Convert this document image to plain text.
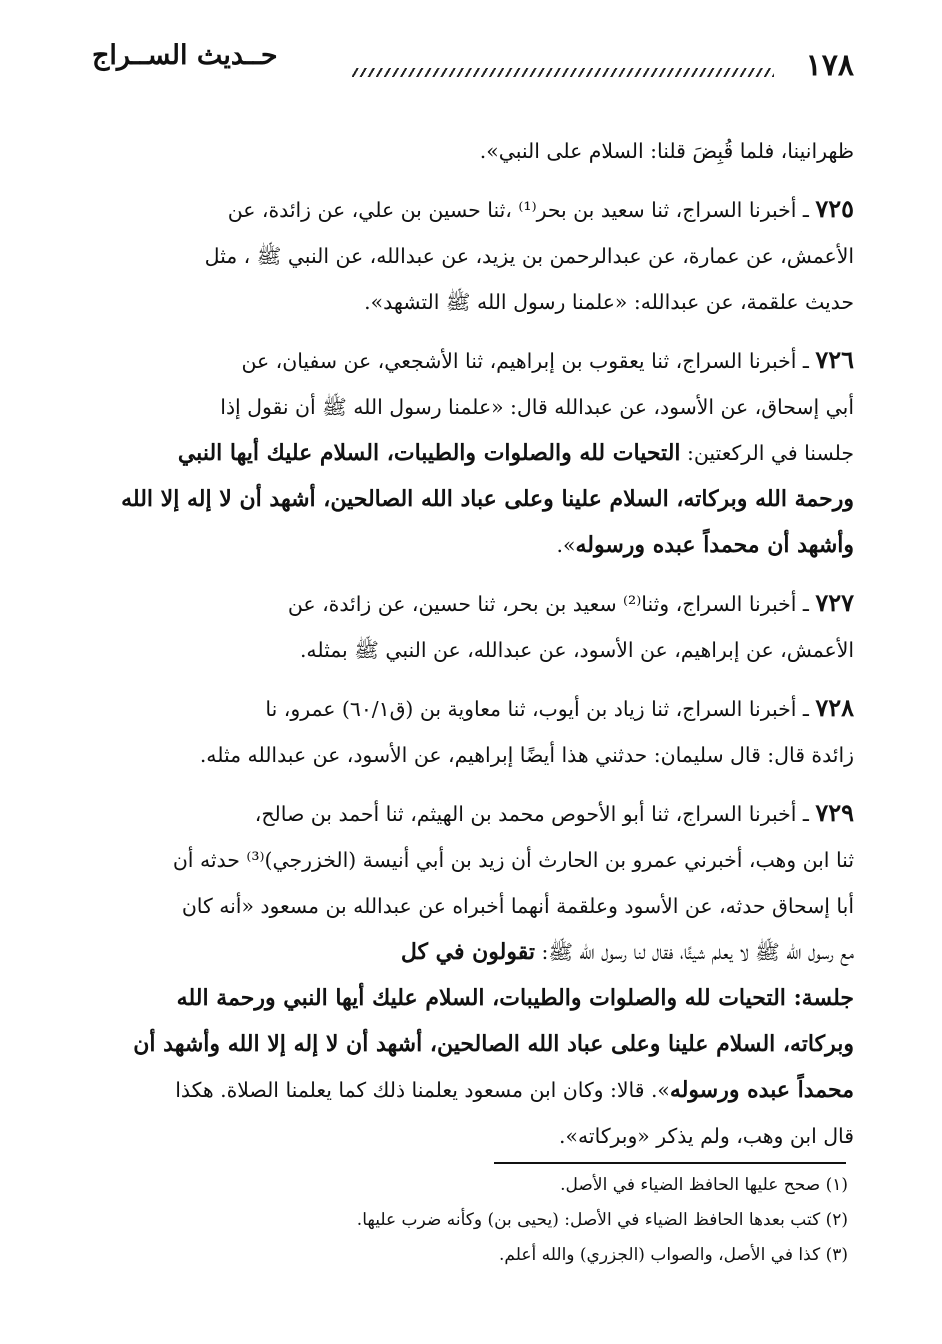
١٧٨
حــديث الســراج
ظهرانينا، فلما قُبِضَ قلنا: السلام على النبي».
٧٢٥ ـ أخبرنا السراج، ثنا سعيد بن بحر⁽¹⁾ ،ثنا حسين بن علي، عن زائدة، عن
الأعمش، عن عمارة، عن عبدالرحمن بن يزيد، عن عبدالله، عن النبي ﷺ ، مثل
حديث علقمة، عن عبدالله: «علمنا رسول الله ﷺ التشهد».
٧٢٦ ـ أخبرنا السراج، ثنا يعقوب بن إبراهيم، ثنا الأشجعي، عن سفيان، عن
أبي إسحاق، عن الأسود، عن عبدالله قال: «علمنا رسول الله ﷺ أن نقول إذا
جلسنا في الركعتين: التحيات لله والصلوات والطيبات، السلام عليك أيها النبي
ورحمة الله وبركاته، السلام علينا وعلى عباد الله الصالحين، أشهد أن لا إله إلا الله
وأشهد أن محمداً عبده ورسوله».
٧٢٧ ـ أخبرنا السراج، وثنا⁽²⁾ سعيد بن بحر، ثنا حسين، عن زائدة، عن
الأعمش، عن إبراهيم، عن الأسود، عن عبدالله، عن النبي ﷺ بمثله.
٧٢٨ ـ أخبرنا السراج، ثنا زياد بن أيوب، ثنا معاوية بن (ق٦٠/١) عمرو، نا
زائدة قال: قال سليمان: حدثني هذا أيضًا إبراهيم، عن الأسود، عن عبدالله مثله.
٧٢٩ ـ أخبرنا السراج، ثنا أبو الأحوص محمد بن الهيثم، ثنا أحمد بن صالح،
ثنا ابن وهب، أخبرني عمرو بن الحارث أن زيد بن أبي أنيسة (الخزرجي)⁽³⁾ حدثه أن
أبا إسحاق حدثه، عن الأسود وعلقمة أنهما أخبراه عن عبدالله بن مسعود «أنه كان
مع رسول الله ﷺ لا يعلم شيئًا، فقال لنا رسول الله ﷺ: تقولون في كل
جلسة: التحيات لله والصلوات والطيبات، السلام عليك أيها النبي ورحمة الله
وبركاته، السلام علينا وعلى عباد الله الصالحين، أشهد أن لا إله إلا الله وأشهد أن
محمداً عبده ورسوله». قالا: وكان ابن مسعود يعلمنا ذلك كما يعلمنا الصلاة. هكذا
قال ابن وهب، ولم يذكر «وبركاته».
(١) صحح عليها الحافظ الضياء في الأصل.
(٢) كتب بعدها الحافظ الضياء في الأصل: (يحيى بن) وكأنه ضرب عليها.
(٣) كذا في الأصل، والصواب (الجزري) والله أعلم.
